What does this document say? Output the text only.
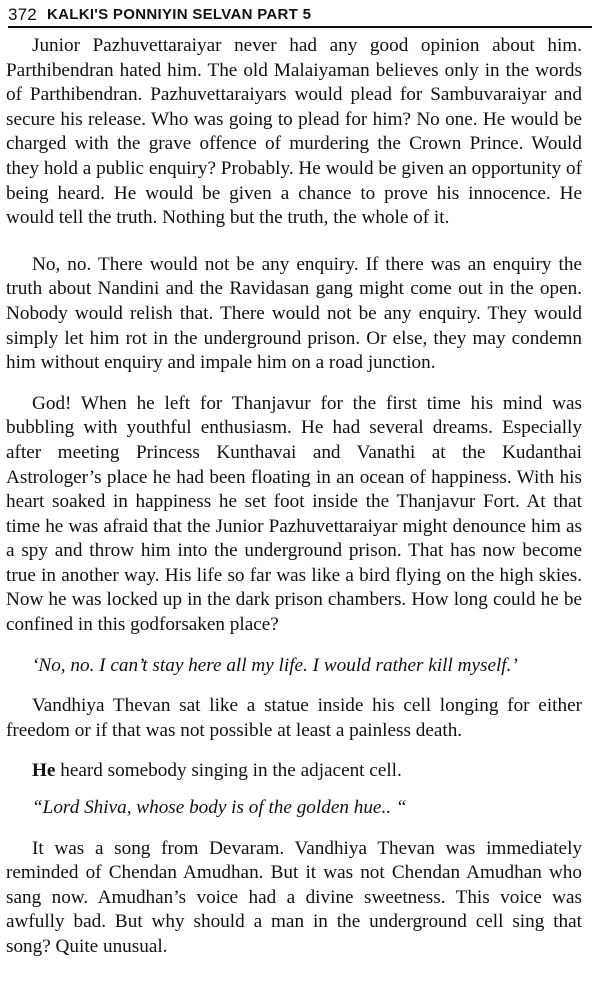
372 KALKI'S PONNIYIN SELVAN PART 5

Junior Pazhuvettaraiyar never had any good opinion about him. Parthibendran hated him. The old Malaiyaman believes only in the words of Parthibendran. Pazhuvettaraiyars would plead for Sambuvaraiyar and secure his release. Who was going to plead for him? No one. He would be charged with the grave offence of murdering the Crown Prince. Would they hold a public enquiry? Probably. He would be given an opportunity of being heard. He would be given a chance to prove his innocence. He would tell the truth. Nothing but the truth, the whole of it.

No, no. There would not be any enquiry. If there was an enquiry the truth about Nandini and the Ravidasan gang might come out in the open. Nobody would relish that. There would not be any enquiry. They would simply let him rot in the underground prison. Or else, they may condemn him without enquiry and impale him on a road junction.

God! When he left for Thanjavur for the first time his mind was bubbling with youthful enthusiasm. He had several dreams. Especially after meeting Princess Kunthavai and Vanathi at the Kudanthai Astrologer’s place he had been floating in an ocean of happiness. With his heart soaked in happiness he set foot inside the Thanjavur Fort. At that time he was afraid that the Junior Pazhuvettaraiyar might denounce him as a spy and throw him into the underground prison. That has now become true in another way. His life so far was like a bird flying on the high skies. Now he was locked up in the dark prison chambers. How long could he be confined in this godforsaken place?

‘No, no. I can’t stay here all my life. I would rather kill myself.’

Vandhiya Thevan sat like a statue inside his cell longing for either freedom or if that was not possible at least a painless death.

He heard somebody singing in the adjacent cell.

“Lord Shiva, whose body is of the golden hue.. “

It was a song from Devaram. Vandhiya Thevan was immediately reminded of Chendan Amudhan. But it was not Chendan Amudhan who sang now. Amudhan’s voice had a divine sweetness. This voice was awfully bad. But why should a man in the underground cell sing that song? Quite unusual.
